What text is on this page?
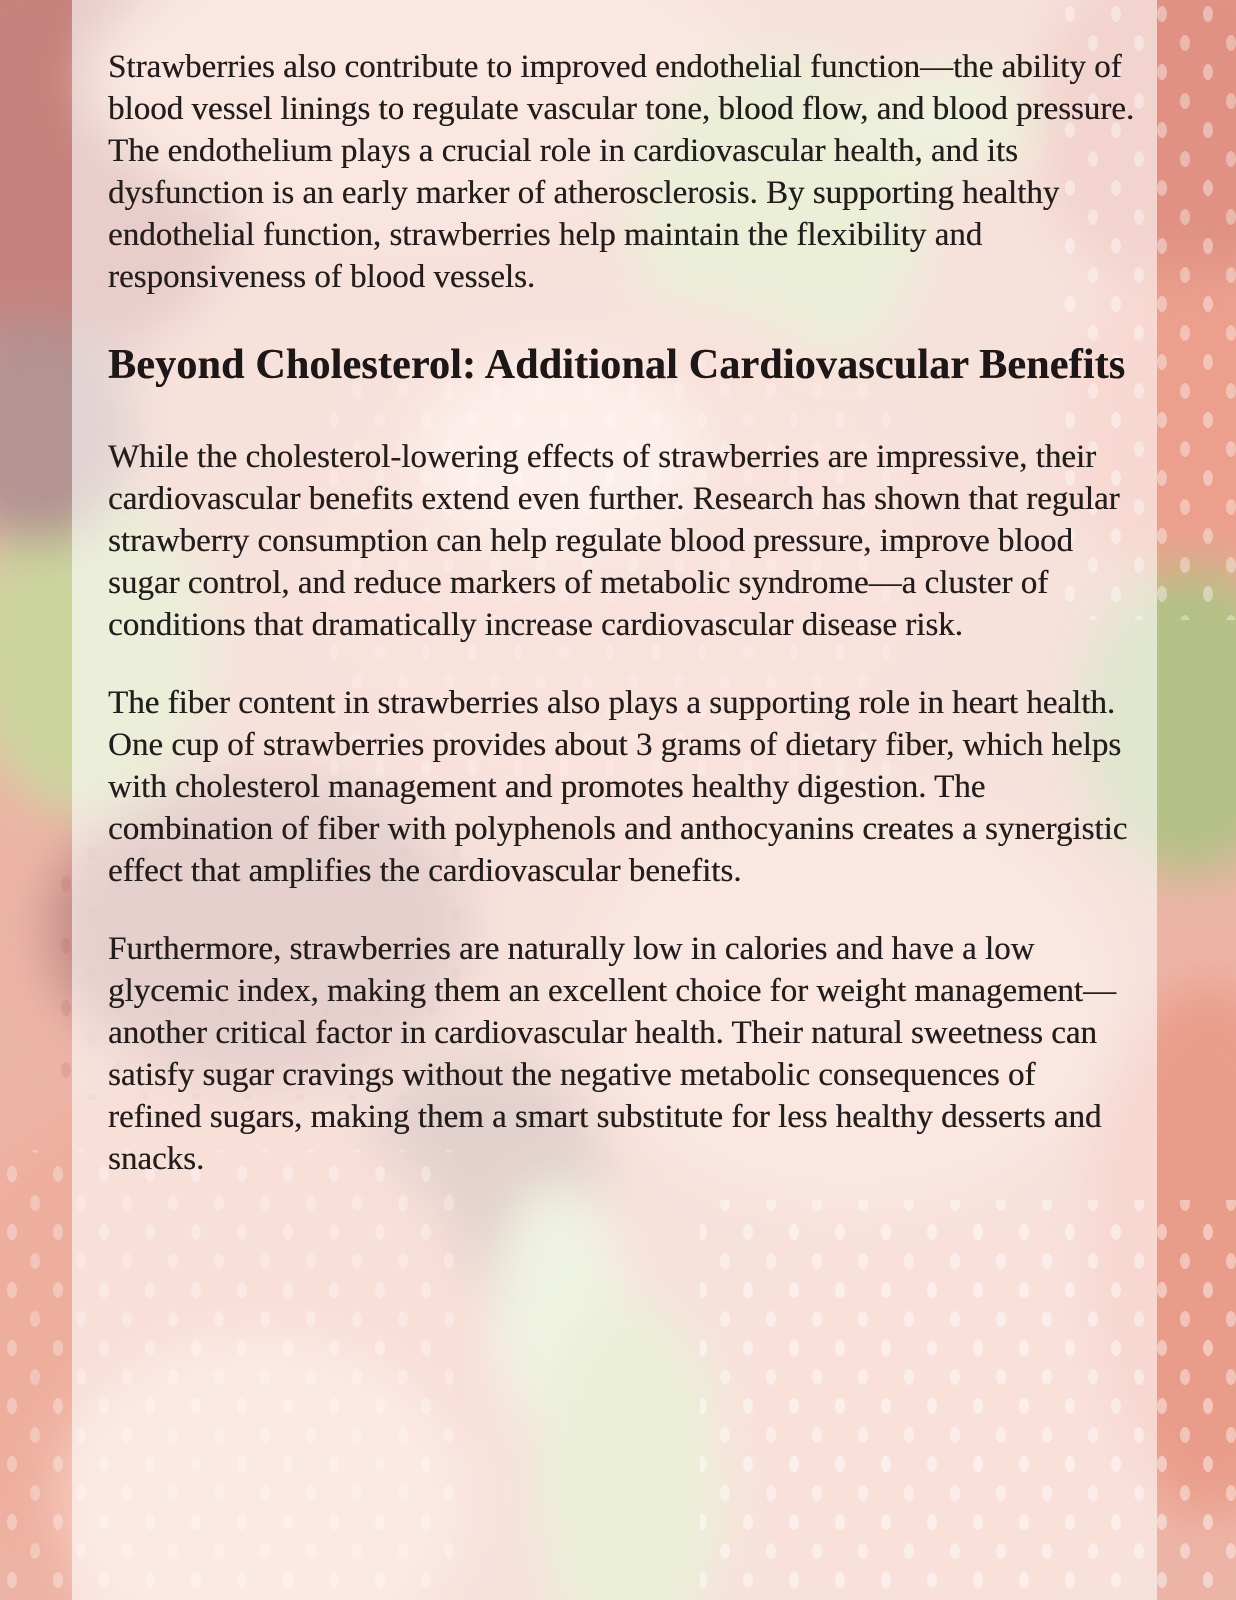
Strawberries also contribute to improved endothelial function—the ability of blood vessel linings to regulate vascular tone, blood flow, and blood pressure. The endothelium plays a crucial role in cardiovascular health, and its dysfunction is an early marker of atherosclerosis. By supporting healthy endothelial function, strawberries help maintain the flexibility and responsiveness of blood vessels.

Beyond Cholesterol: Additional Cardiovascular Benefits

While the cholesterol-lowering effects of strawberries are impressive, their cardiovascular benefits extend even further. Research has shown that regular strawberry consumption can help regulate blood pressure, improve blood sugar control, and reduce markers of metabolic syndrome—a cluster of conditions that dramatically increase cardiovascular disease risk.

The fiber content in strawberries also plays a supporting role in heart health. One cup of strawberries provides about 3 grams of dietary fiber, which helps with cholesterol management and promotes healthy digestion. The combination of fiber with polyphenols and anthocyanins creates a synergistic effect that amplifies the cardiovascular benefits.

Furthermore, strawberries are naturally low in calories and have a low glycemic index, making them an excellent choice for weight management—another critical factor in cardiovascular health. Their natural sweetness can satisfy sugar cravings without the negative metabolic consequences of refined sugars, making them a smart substitute for less healthy desserts and snacks.
